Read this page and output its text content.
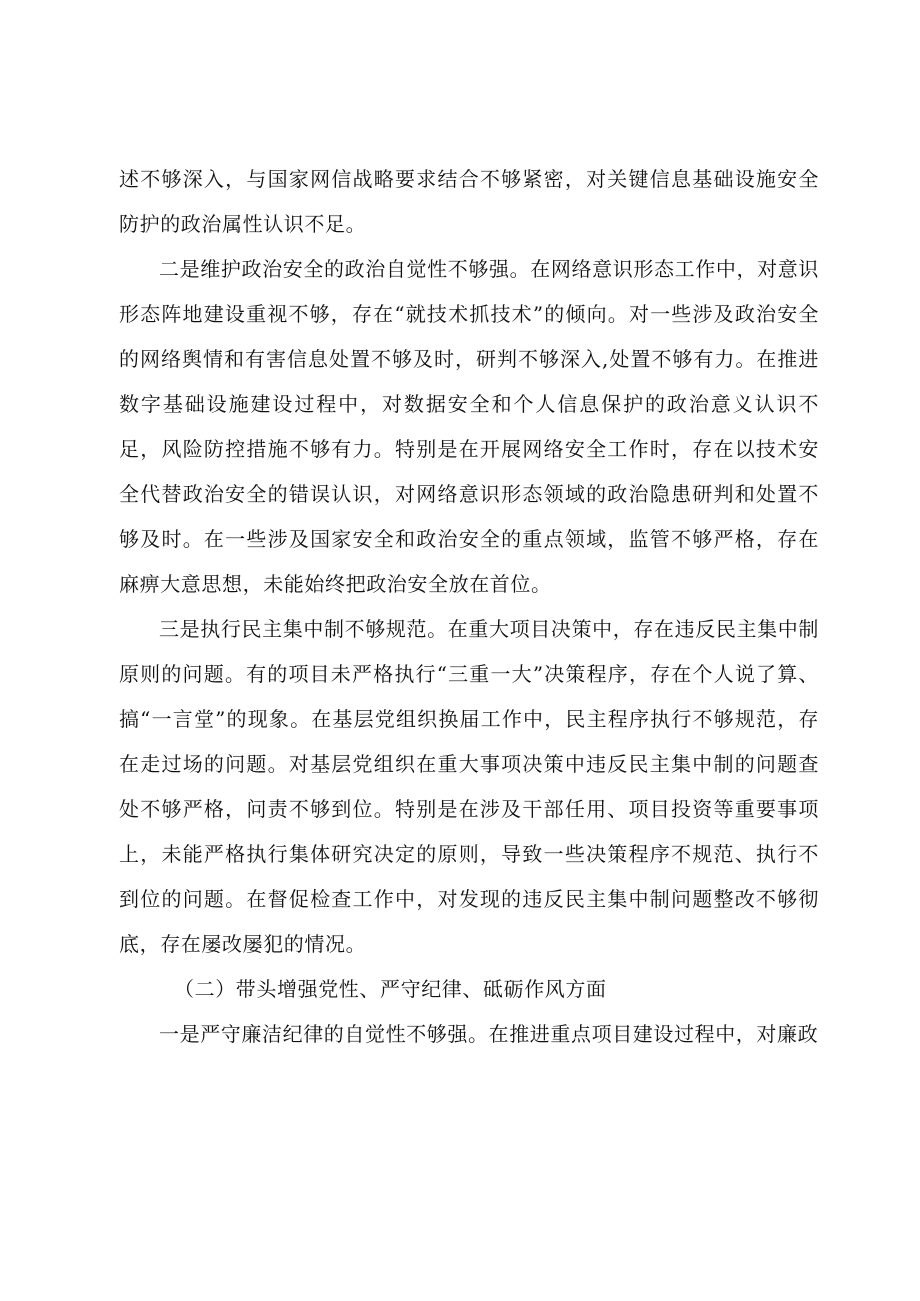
述不够深入，与国家网信战略要求结合不够紧密，对关键信息基础设施安全防护的政治属性认识不足。

二是维护政治安全的政治自觉性不够强。在网络意识形态工作中，对意识形态阵地建设重视不够，存在“就技术抓技术”的倾向。对一些涉及政治安全的网络舆情和有害信息处置不够及时，研判不够深入,处置不够有力。在推进数字基础设施建设过程中，对数据安全和个人信息保护的政治意义认识不足，风险防控措施不够有力。特别是在开展网络安全工作时，存在以技术安全代替政治安全的错误认识，对网络意识形态领域的政治隐患研判和处置不够及时。在一些涉及国家安全和政治安全的重点领域，监管不够严格，存在麻痹大意思想，未能始终把政治安全放在首位。

三是执行民主集中制不够规范。在重大项目决策中，存在违反民主集中制原则的问题。有的项目未严格执行“三重一大”决策程序，存在个人说了算、搞“一言堂”的现象。在基层党组织换届工作中，民主程序执行不够规范，存在走过场的问题。对基层党组织在重大事项决策中违反民主集中制的问题查处不够严格，问责不够到位。特别是在涉及干部任用、项目投资等重要事项上，未能严格执行集体研究决定的原则，导致一些决策程序不规范、执行不到位的问题。在督促检查工作中，对发现的违反民主集中制问题整改不够彻底，存在屡改屡犯的情况。

（二）带头增强党性、严守纪律、砥砺作风方面

一是严守廉洁纪律的自觉性不够强。在推进重点项目建设过程中，对廉政
